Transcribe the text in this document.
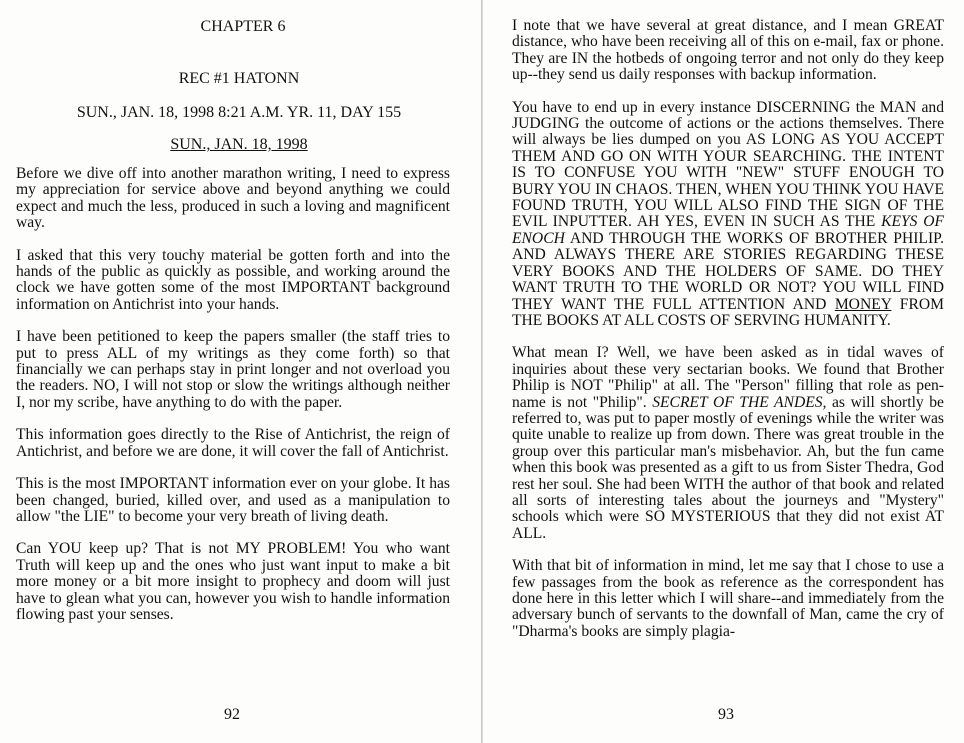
CHAPTER 6

REC #1 HATONN

SUN., JAN. 18, 1998 8:21 A.M. YR. 11, DAY 155

SUN., JAN. 18, 1998

Before we dive off into another marathon writing, I need to express my appreciation for service above and beyond anything we could expect and much the less, produced in such a loving and magnificent way.

I asked that this very touchy material be gotten forth and into the hands of the public as quickly as possible, and working around the clock we have gotten some of the most IMPORTANT background information on Antichrist into your hands.

I have been petitioned to keep the papers smaller (the staff tries to put to press ALL of my writings as they come forth) so that financially we can perhaps stay in print longer and not overload you the readers. NO, I will not stop or slow the writings although neither I, nor my scribe, have anything to do with the paper.

This information goes directly to the Rise of Antichrist, the reign of Antichrist, and before we are done, it will cover the fall of Antichrist.

This is the most IMPORTANT information ever on your globe. It has been changed, buried, killed over, and used as a manipulation to allow "the LIE" to become your very breath of living death.

Can YOU keep up? That is not MY PROBLEM! You who want Truth will keep up and the ones who just want input to make a bit more money or a bit more insight to prophecy and doom will just have to glean what you can, however you wish to handle information flowing past your senses.

92

I note that we have several at great distance, and I mean GREAT distance, who have been receiving all of this on e-mail, fax or phone. They are IN the hotbeds of ongoing terror and not only do they keep up--they send us daily responses with backup information.

You have to end up in every instance DISCERNING the MAN and JUDGING the outcome of actions or the actions themselves. There will always be lies dumped on you AS LONG AS YOU ACCEPT THEM AND GO ON WITH YOUR SEARCHING. THE INTENT IS TO CONFUSE YOU WITH "NEW" STUFF ENOUGH TO BURY YOU IN CHAOS. THEN, WHEN YOU THINK YOU HAVE FOUND TRUTH, YOU WILL ALSO FIND THE SIGN OF THE EVIL INPUTTER. AH YES, EVEN IN SUCH AS THE KEYS OF ENOCH AND THROUGH THE WORKS OF BROTHER PHILIP. AND ALWAYS THERE ARE STORIES REGARDING THESE VERY BOOKS AND THE HOLDERS OF SAME. DO THEY WANT TRUTH TO THE WORLD OR NOT? YOU WILL FIND THEY WANT THE FULL ATTENTION AND MONEY FROM THE BOOKS AT ALL COSTS OF SERVING HUMANITY.

What mean I? Well, we have been asked as in tidal waves of inquiries about these very sectarian books. We found that Brother Philip is NOT "Philip" at all. The "Person" filling that role as pen-name is not "Philip". SECRET OF THE ANDES, as will shortly be referred to, was put to paper mostly of evenings while the writer was quite unable to realize up from down. There was great trouble in the group over this particular man's misbehavior. Ah, but the fun came when this book was presented as a gift to us from Sister Thedra, God rest her soul. She had been WITH the author of that book and related all sorts of interesting tales about the journeys and "Mystery" schools which were SO MYSTERIOUS that they did not exist AT ALL.

With that bit of information in mind, let me say that I chose to use a few passages from the book as reference as the correspondent has done here in this letter which I will share--and immediately from the adversary bunch of servants to the downfall of Man, came the cry of "Dharma's books are simply plagia-

93
